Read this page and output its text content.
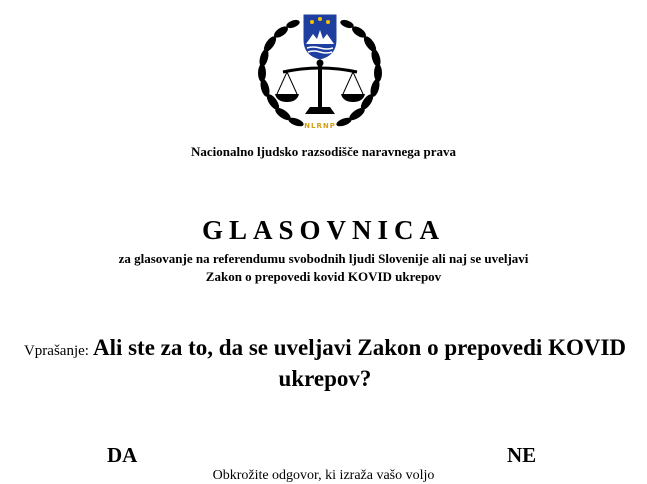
NLRNP
Nacionalno ljudsko razsodišče naravnega prava
GLASOVNICA
za glasovanje na referendumu svobodnih ljudi Slovenije ali naj se uveljavi
Zakon o prepovedi kovid KOVID ukrepov
Vprašanje: Ali ste za to, da se uveljavi Zakon o prepovedi KOVID ukrepov?
DA	NE
Obkrožite odgovor, ki izraža vašo voljo
